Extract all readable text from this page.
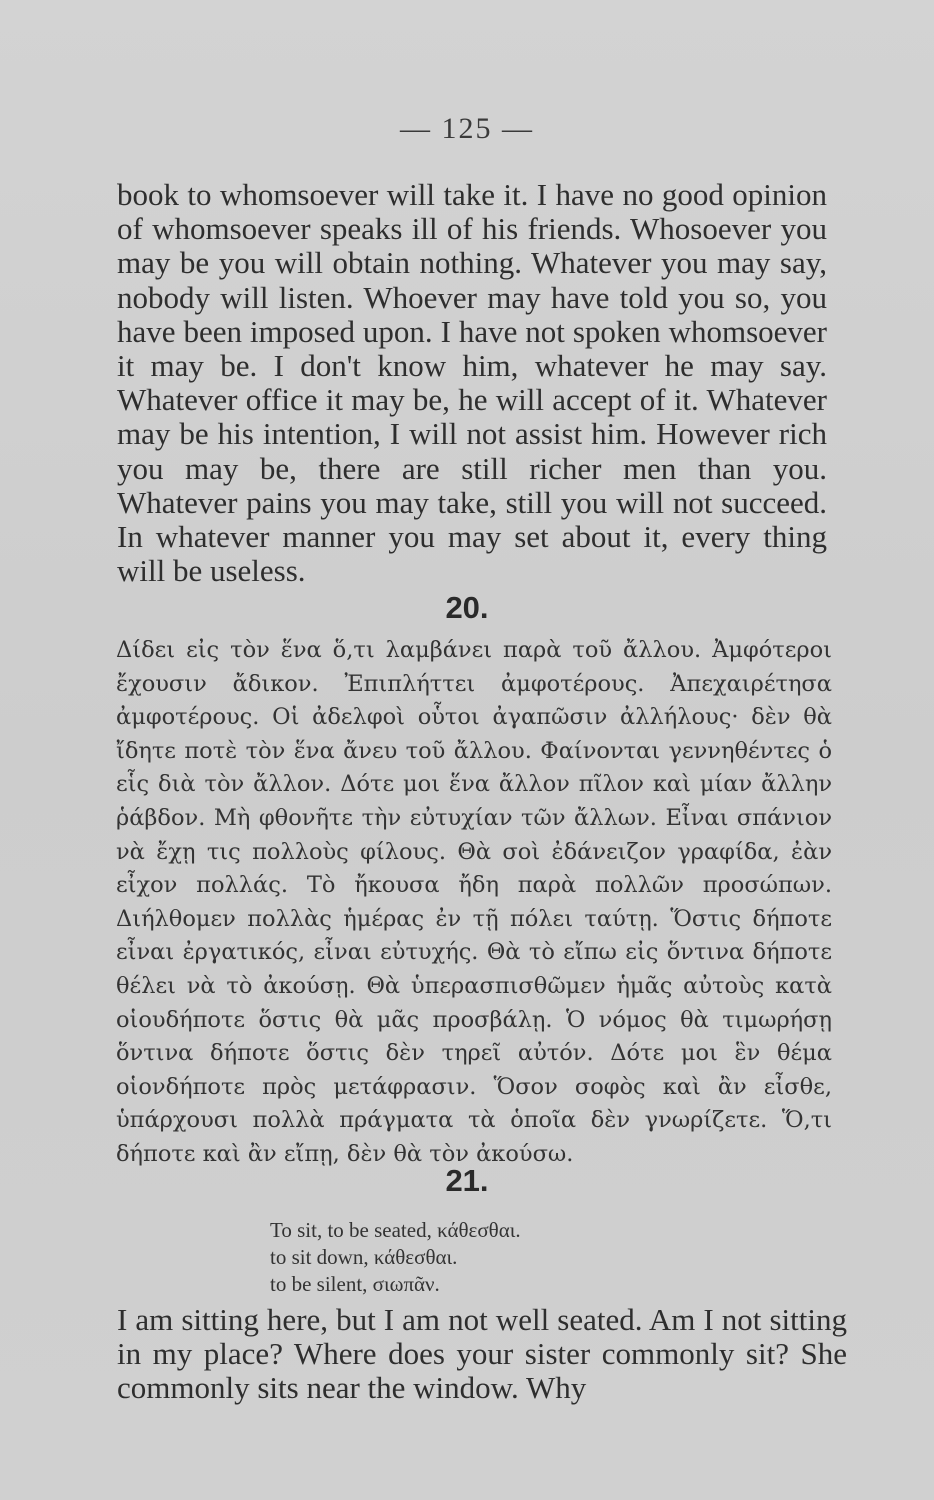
— 125 —
book to whomsoever will take it. I have no good opinion of whomsoever speaks ill of his friends. Whosoever you may be you will obtain nothing. Whatever you may say, nobody will listen. Whoever may have told you so, you have been imposed upon. I have not spoken whomsoever it may be. I don't know him, whatever he may say. Whatever office it may be, he will accept of it. Whatever may be his intention, I will not assist him. However rich you may be, there are still richer men than you. Whatever pains you may take, still you will not succeed. In whatever manner you may set about it, every thing will be useless.
20.
Δίδει εἰς τὸν ἕνα ὅ,τι λαμβάνει παρὰ τοῦ ἄλλου. Ἀμφότεροι ἔχουσιν ἄδικον. Ἐπιπλήττει ἀμφοτέρους. Ἀπεχαιρέτησα ἀμφοτέρους. Οἱ ἀδελφοὶ οὗτοι ἀγαπῶσιν ἀλλήλους· δὲν θὰ ἴδητε ποτὲ τὸν ἕνα ἄνευ τοῦ ἄλλου. Φαίνονται γεννηθέντες ὁ εἷς διὰ τὸν ἄλλον. Δότε μοι ἕνα ἄλλον πῖλον καὶ μίαν ἄλλην ῥάβδον. Μὴ φθονῆτε τὴν εὐτυχίαν τῶν ἄλλων. Εἶναι σπάνιον νὰ ἔχῃ τις πολλοὺς φίλους. Θὰ σοὶ ἐδάνειζον γραφίδα, ἐὰν εἶχον πολλάς. Τὸ ἤκουσα ἤδη παρὰ πολλῶν προσώπων. Διήλθομεν πολλὰς ἡμέρας ἐν τῇ πόλει ταύτῃ. Ὅστις δήποτε εἶναι ἐργατικός, εἶναι εὐτυχής. Θὰ τὸ εἴπω εἰς ὅντινα δήποτε θέλει νὰ τὸ ἀκούσῃ. Θὰ ὑπερασπισθῶμεν ἡμᾶς αὐτοὺς κατὰ οἱουδήποτε ὅστις θὰ μᾶς προσβάλῃ. Ὁ νόμος θὰ τιμωρήσῃ ὅντινα δήποτε ὅστις δὲν τηρεῖ αὐτόν. Δότε μοι ἓν θέμα οἱονδήποτε πρὸς μετάφρασιν. Ὅσον σοφὸς καὶ ἂν εἶσθε, ὑπάρχουσι πολλὰ πράγματα τὰ ὁποῖα δὲν γνωρίζετε. Ὅ,τι δήποτε καὶ ἂν εἴπῃ, δὲν θὰ τὸν ἀκούσω.
21.
To sit, to be seated, κάθεσθαι.
to sit down, κάθεσθαι.
to be silent, σιωπᾶν.
I am sitting here, but I am not well seated. Am I not sitting in my place? Where does your sister commonly sit? She commonly sits near the window. Why
